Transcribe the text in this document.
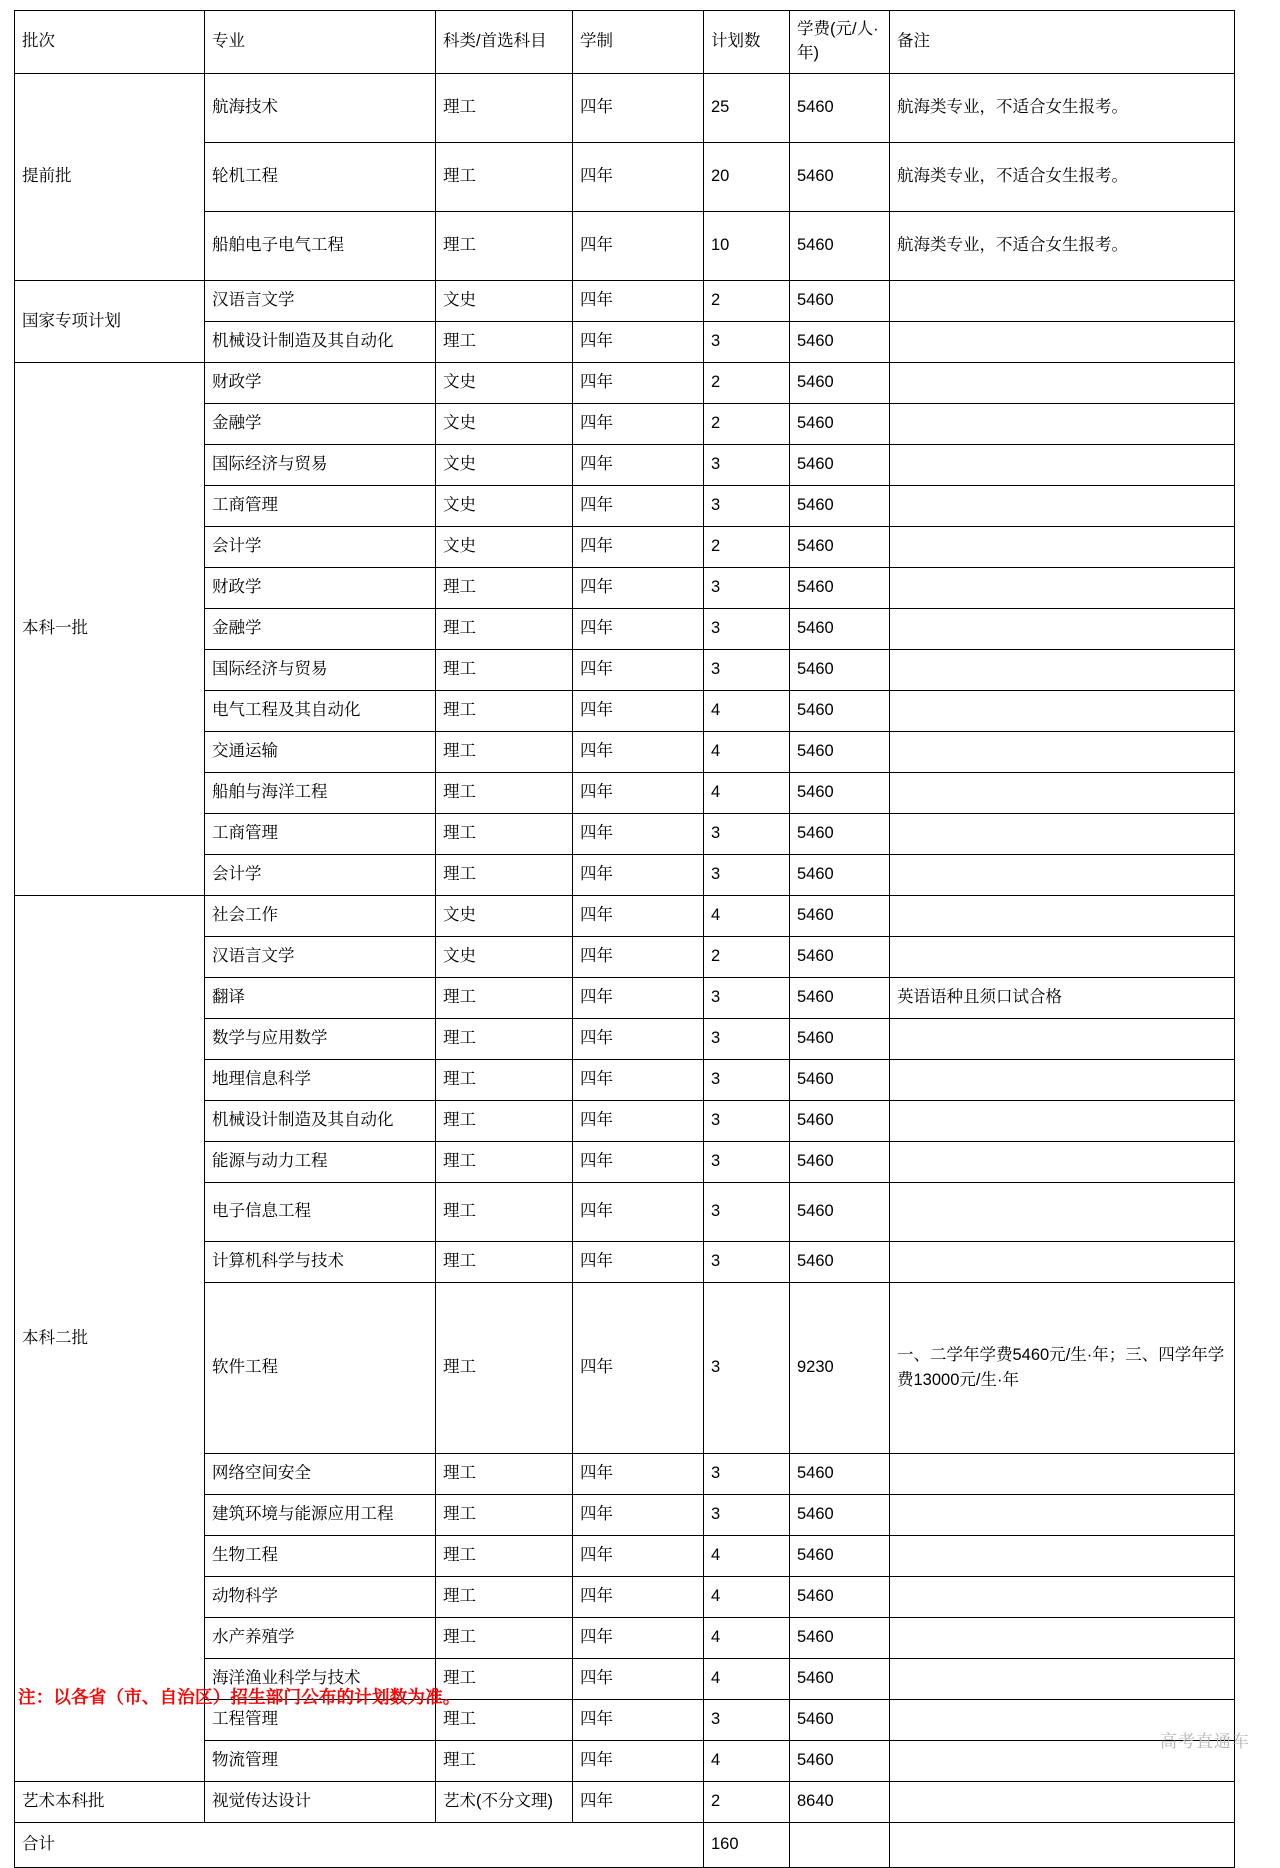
批次	专业	科类/首选科目	学制	计划数	学费(元/人·年)	备注
提前批	航海技术	理工	四年	25	5460	航海类专业，不适合女生报考。
	轮机工程	理工	四年	20	5460	航海类专业，不适合女生报考。
	船舶电子电气工程	理工	四年	10	5460	航海类专业，不适合女生报考。
国家专项计划	汉语言文学	文史	四年	2	5460	
	机械设计制造及其自动化	理工	四年	3	5460	
本科一批	财政学	文史	四年	2	5460	
	金融学	文史	四年	2	5460	
	国际经济与贸易	文史	四年	3	5460	
	工商管理	文史	四年	3	5460	
	会计学	文史	四年	2	5460	
	财政学	理工	四年	3	5460	
	金融学	理工	四年	3	5460	
	国际经济与贸易	理工	四年	3	5460	
	电气工程及其自动化	理工	四年	4	5460	
	交通运输	理工	四年	4	5460	
	船舶与海洋工程	理工	四年	4	5460	
	工商管理	理工	四年	3	5460	
	会计学	理工	四年	3	5460	
本科二批	社会工作	文史	四年	4	5460	
	汉语言文学	文史	四年	2	5460	
	翻译	理工	四年	3	5460	英语语种且须口试合格
	数学与应用数学	理工	四年	3	5460	
	地理信息科学	理工	四年	3	5460	
	机械设计制造及其自动化	理工	四年	3	5460	
	能源与动力工程	理工	四年	3	5460	
	电子信息工程	理工	四年	3	5460	
	计算机科学与技术	理工	四年	3	5460	
	软件工程	理工	四年	3	9230	一、二学年学费5460元/生·年；三、四学年学费13000元/生·年
	网络空间安全	理工	四年	3	5460	
	建筑环境与能源应用工程	理工	四年	3	5460	
	生物工程	理工	四年	4	5460	
	动物科学	理工	四年	4	5460	
	水产养殖学	理工	四年	4	5460	
	海洋渔业科学与技术	理工	四年	4	5460	
	工程管理	理工	四年	3	5460	
	物流管理	理工	四年	4	5460	
艺术本科批	视觉传达设计	艺术(不分文理)	四年	2	8640	
合计				160		
注：以各省（市、自治区）招生部门公布的计划数为准。
高考直通车
